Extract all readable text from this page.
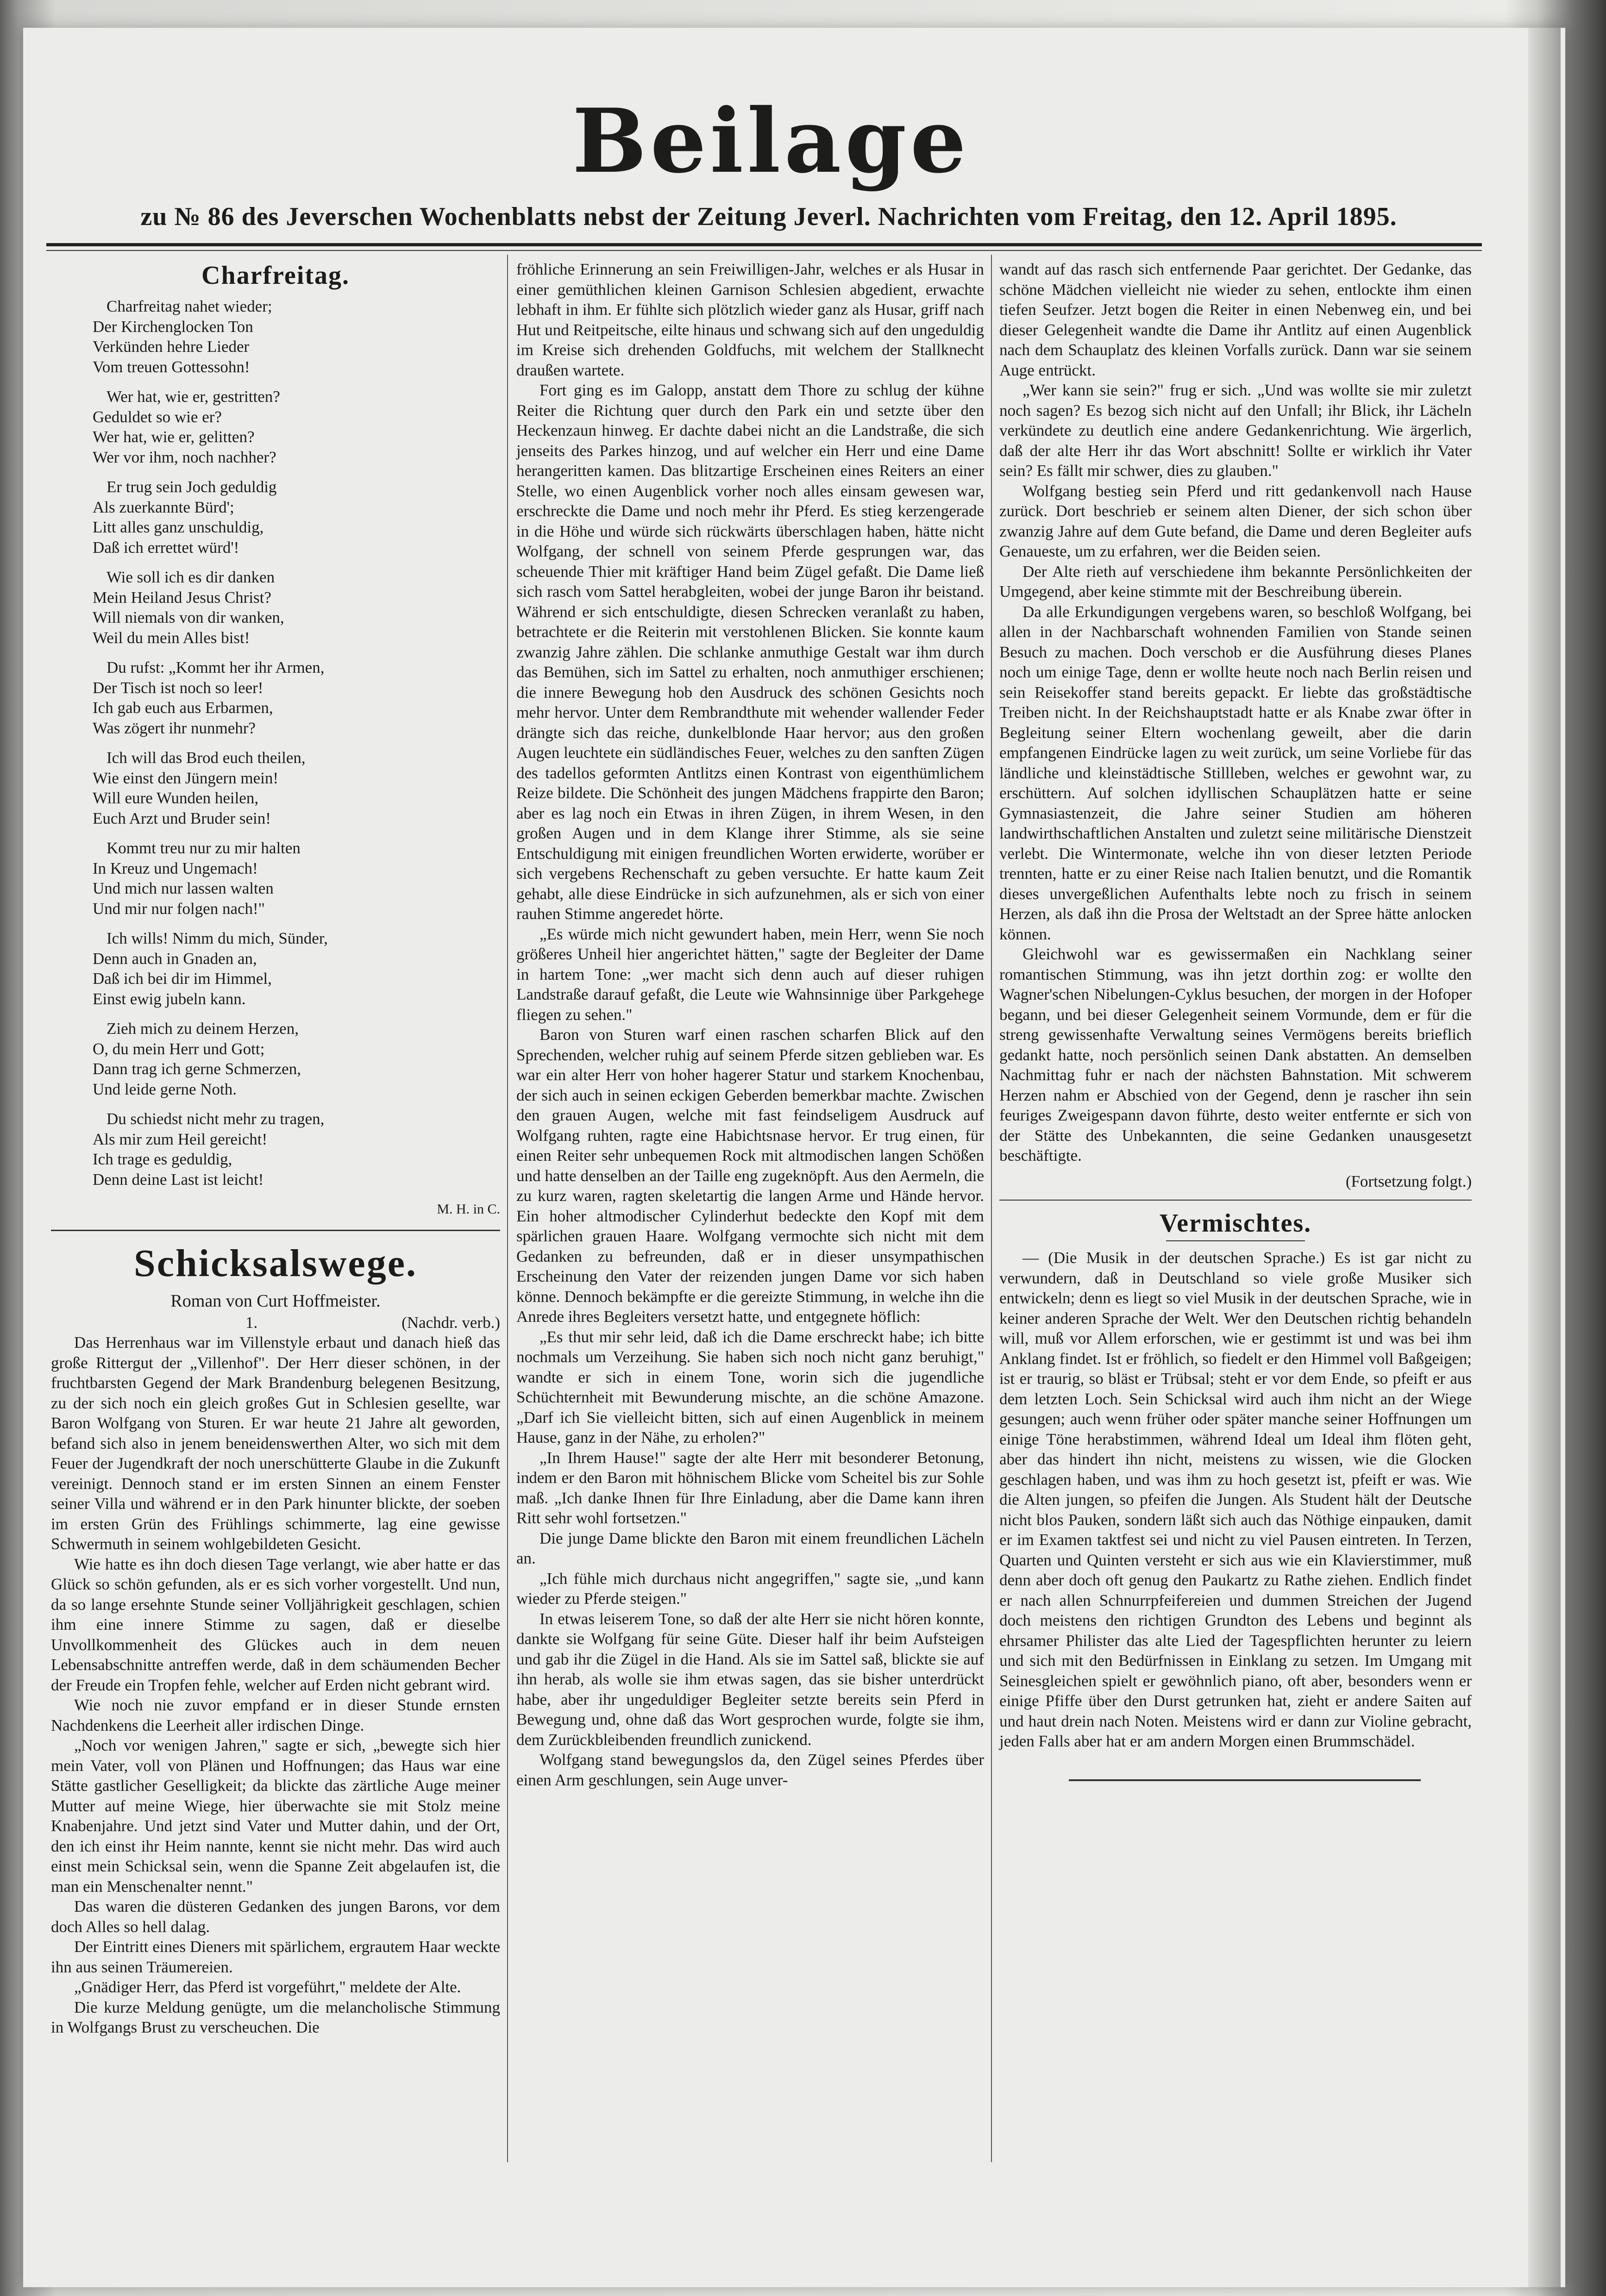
Beilage
zu № 86 des Jeverschen Wochenblatts nebst der Zeitung Jeverl. Nachrichten vom Freitag, den 12. April 1895.
Charfreitag.
Charfreitag nahet wieder;
Der Kirchenglocken Ton
Verkünden hehre Lieder
Vom treuen Gottessohn!
Wer hat, wie er, gestritten?
Geduldet so wie er?
Wer hat, wie er, gelitten?
Wer vor ihm, noch nachher?
Er trug sein Joch geduldig
Als zuerkannte Bürd';
Litt alles ganz unschuldig,
Daß ich errettet würd'!
Wie soll ich es dir danken
Mein Heiland Jesus Christ?
Will niemals von dir wanken,
Weil du mein Alles bist!
Du rufst: „Kommt her ihr Armen,
Der Tisch ist noch so leer!
Ich gab euch aus Erbarmen,
Was zögert ihr nunmehr?
Ich will das Brod euch theilen,
Wie einst den Jüngern mein!
Will eure Wunden heilen,
Euch Arzt und Bruder sein!
Kommt treu nur zu mir halten
In Kreuz und Ungemach!
Und mich nur lassen walten
Und mir nur folgen nach!"
Ich wills! Nimm du mich, Sünder,
Denn auch in Gnaden an,
Daß ich bei dir im Himmel,
Einst ewig jubeln kann.
Zieh mich zu deinem Herzen,
O, du mein Herr und Gott;
Dann trag ich gerne Schmerzen,
Und leide gerne Noth.
Du schiedst nicht mehr zu tragen,
Als mir zum Heil gereicht!
Ich trage es geduldig,
Denn deine Last ist leicht!
M. H. in C.
Schicksalswege.
Roman von Curt Hoffmeister.
1.	(Nachdr. verb.)

Das Herrenhaus war im Villenstyle erbaut und danach hieß das große Rittergut der „Villenhof". Der Herr dieser schönen, in der fruchtbarsten Gegend der Mark Brandenburg belegenen Besitzung, zu der sich noch ein gleich großes Gut in Schlesien gesellte, war Baron Wolfgang von Sturen. Er war heute 21 Jahre alt geworden, befand sich also in jenem beneidenswerthen Alter, wo sich mit dem Feuer der Jugendkraft der noch unerschütterte Glaube in die Zukunft vereinigt. Dennoch stand er im ersten Sinnen an einem Fenster seiner Villa und während er in den Park hinunter blickte, der soeben im ersten Grün des Frühlings schimmerte, lag eine gewisse Schwermuth in seinem wohlgebildeten Gesicht.

Wie hatte es ihn doch diesen Tage verlangt, wie aber hatte er das Glück so schön gefunden, als er es sich vorher vorgestellt. Und nun, da so lange ersehnte Stunde seiner Volljährigkeit geschlagen, schien ihm eine innere Stimme zu sagen, daß er dieselbe Unvollkommenheit des Glückes auch in dem neuen Lebensabschnitte antreffen werde, daß in dem schäumenden Becher der Freude ein Tropfen fehle, welcher auf Erden nicht gebrant wird.

Wie noch nie zuvor empfand er in dieser Stunde ernsten Nachdenkens die Leerheit aller irdischen Dinge.

„Noch vor wenigen Jahren," sagte er sich, „bewegte sich hier mein Vater, voll von Plänen und Hoffnungen; das Haus war eine Stätte gastlicher Geselligkeit; da blickte das zärtliche Auge meiner Mutter auf meine Wiege, hier überwachte sie mit Stolz meine Knabenjahre. Und jetzt sind Vater und Mutter dahin, und der Ort, den ich einst ihr Heim nannte, kennt sie nicht mehr. Das wird auch einst mein Schicksal sein, wenn die Spanne Zeit abgelaufen ist, die man ein Menschenalter nennt."

Das waren die düsteren Gedanken des jungen Barons, vor dem doch Alles so hell dalag.

Der Eintritt eines Dieners mit spärlichem, ergrautem Haar weckte ihn aus seinen Träumereien.

„Gnädiger Herr, das Pferd ist vorgeführt," meldete der Alte.

Die kurze Meldung genügte, um die melancholische Stimmung in Wolfgangs Brust zu verscheuchen. Die

fröhliche Erinnerung an sein Freiwilligen-Jahr, welches er als Husar in einer gemüthlichen kleinen Garnison Schlesien abgedient, erwachte lebhaft in ihm. Er fühlte sich plötzlich wieder ganz als Husar, griff nach Hut und Reitpeitsche, eilte hinaus und schwang sich auf den ungeduldig im Kreise sich drehenden Goldfuchs, mit welchem der Stallknecht draußen wartete.

Fort ging es im Galopp, anstatt dem Thore zu schlug der kühne Reiter die Richtung quer durch den Park ein und setzte über den Heckenzaun hinweg. Er dachte dabei nicht an die Landstraße, die sich jenseits des Parkes hinzog, und auf welcher ein Herr und eine Dame herangeritten kamen. Das blitzartige Erscheinen eines Reiters an einer Stelle, wo einen Augenblick vorher noch alles einsam gewesen war, erschreckte die Dame und noch mehr ihr Pferd. Es stieg kerzengerade in die Höhe und würde sich rückwärts überschlagen haben, hätte nicht Wolfgang, der schnell von seinem Pferde gesprungen war, das scheuende Thier mit kräftiger Hand beim Zügel gefaßt. Die Dame ließ sich rasch vom Sattel herabgleiten, wobei der junge Baron ihr beistand. Während er sich entschuldigte, diesen Schrecken veranlaßt zu haben, betrachtete er die Reiterin mit verstohlenen Blicken. Sie konnte kaum zwanzig Jahre zählen. Die schlanke anmuthige Gestalt war ihm durch das Bemühen, sich im Sattel zu erhalten, noch anmuthiger erschienen; die innere Bewegung hob den Ausdruck des schönen Gesichts noch mehr hervor. Unter dem Rembrandthute mit wehender wallender Feder drängte sich das reiche, dunkelblonde Haar hervor; aus den großen Augen leuchtete ein südländisches Feuer, welches zu den sanften Zügen des tadellos geformten Antlitzs einen Kontrast von eigenthümlichem Reize bildete. Die Schönheit des jungen Mädchens frappirte den Baron; aber es lag noch ein Etwas in ihren Zügen, in ihrem Wesen, in den großen Augen und in dem Klange ihrer Stimme, als sie seine Entschuldigung mit einigen freundlichen Worten erwiderte, worüber er sich vergebens Rechenschaft zu geben versuchte. Er hatte kaum Zeit gehabt, alle diese Eindrücke in sich aufzunehmen, als er sich von einer rauhen Stimme angeredet hörte.

„Es würde mich nicht gewundert haben, mein Herr, wenn Sie noch größeres Unheil hier angerichtet hätten," sagte der Begleiter der Dame in hartem Tone: „wer macht sich denn auch auf dieser ruhigen Landstraße darauf gefaßt, die Leute wie Wahnsinnige über Parkgehege fliegen zu sehen."

Baron von Sturen warf einen raschen scharfen Blick auf den Sprechenden, welcher ruhig auf seinem Pferde sitzen geblieben war. Es war ein alter Herr von hoher hagerer Statur und starkem Knochenbau, der sich auch in seinen eckigen Geberden bemerkbar machte. Zwischen den grauen Augen, welche mit fast feindseligem Ausdruck auf Wolfgang ruhten, ragte eine Habichtsnase hervor. Er trug einen, für einen Reiter sehr unbequemen Rock mit altmodischen langen Schößen und hatte denselben an der Taille eng zugeknöpft. Aus den Aermeln, die zu kurz waren, ragten skeletartig die langen Arme und Hände hervor. Ein hoher altmodischer Cylinderhut bedeckte den Kopf mit dem spärlichen grauen Haare. Wolfgang vermochte sich nicht mit dem Gedanken zu befreunden, daß er in dieser unsympathischen Erscheinung den Vater der reizenden jungen Dame vor sich haben könne. Dennoch bekämpfte er die gereizte Stimmung, in welche ihn die Anrede ihres Begleiters versetzt hatte, und entgegnete höflich:

„Es thut mir sehr leid, daß ich die Dame erschreckt habe; ich bitte nochmals um Verzeihung. Sie haben sich noch nicht ganz beruhigt," wandte er sich in einem Tone, worin sich die jugendliche Schüchternheit mit Bewunderung mischte, an die schöne Amazone. „Darf ich Sie vielleicht bitten, sich auf einen Augenblick in meinem Hause, ganz in der Nähe, zu erholen?"

„In Ihrem Hause!" sagte der alte Herr mit besonderer Betonung, indem er den Baron mit höhnischem Blicke vom Scheitel bis zur Sohle maß. „Ich danke Ihnen für Ihre Einladung, aber die Dame kann ihren Ritt sehr wohl fortsetzen."

Die junge Dame blickte den Baron mit einem freundlichen Lächeln an.

„Ich fühle mich durchaus nicht angegriffen," sagte sie, „und kann wieder zu Pferde steigen."

In etwas leiserem Tone, so daß der alte Herr sie nicht hören konnte, dankte sie Wolfgang für seine Güte. Dieser half ihr beim Aufsteigen und gab ihr die Zügel in die Hand. Als sie im Sattel saß, blickte sie auf ihn herab, als wolle sie ihm etwas sagen, das sie bisher unterdrückt habe, aber ihr ungeduldiger Begleiter setzte bereits sein Pferd in Bewegung und, ohne daß das Wort gesprochen wurde, folgte sie ihm, dem Zurückbleibenden freundlich zunickend.

Wolfgang stand bewegungslos da, den Zügel seines Pferdes über einen Arm geschlungen, sein Auge unver-

wandt auf das rasch sich entfernende Paar gerichtet. Der Gedanke, das schöne Mädchen vielleicht nie wieder zu sehen, entlockte ihm einen tiefen Seufzer. Jetzt bogen die Reiter in einen Nebenweg ein, und bei dieser Gelegenheit wandte die Dame ihr Antlitz auf einen Augenblick nach dem Schauplatz des kleinen Vorfalls zurück. Dann war sie seinem Auge entrückt.

„Wer kann sie sein?" frug er sich. „Und was wollte sie mir zuletzt noch sagen? Es bezog sich nicht auf den Unfall; ihr Blick, ihr Lächeln verkündete zu deutlich eine andere Gedankenrichtung. Wie ärgerlich, daß der alte Herr ihr das Wort abschnitt! Sollte er wirklich ihr Vater sein? Es fällt mir schwer, dies zu glauben."

Wolfgang bestieg sein Pferd und ritt gedankenvoll nach Hause zurück. Dort beschrieb er seinem alten Diener, der sich schon über zwanzig Jahre auf dem Gute befand, die Dame und deren Begleiter aufs Genaueste, um zu erfahren, wer die Beiden seien.

Der Alte rieth auf verschiedene ihm bekannte Persönlichkeiten der Umgegend, aber keine stimmte mit der Beschreibung überein.

Da alle Erkundigungen vergebens waren, so beschloß Wolfgang, bei allen in der Nachbarschaft wohnenden Familien von Stande seinen Besuch zu machen. Doch verschob er die Ausführung dieses Planes noch um einige Tage, denn er wollte heute noch nach Berlin reisen und sein Reisekoffer stand bereits gepackt. Er liebte das großstädtische Treiben nicht. In der Reichshauptstadt hatte er als Knabe zwar öfter in Begleitung seiner Eltern wochenlang geweilt, aber die darin empfangenen Eindrücke lagen zu weit zurück, um seine Vorliebe für das ländliche und kleinstädtische Stillleben, welches er gewohnt war, zu erschüttern. Auf solchen idyllischen Schauplätzen hatte er seine Gymnasiastenzeit, die Jahre seiner Studien am höheren landwirthschaftlichen Anstalten und zuletzt seine militärische Dienstzeit verlebt. Die Wintermonate, welche ihn von dieser letzten Periode trennten, hatte er zu einer Reise nach Italien benutzt, und die Romantik dieses unvergeßlichen Aufenthalts lebte noch zu frisch in seinem Herzen, als daß ihn die Prosa der Weltstadt an der Spree hätte anlocken können.

Gleichwohl war es gewissermaßen ein Nachklang seiner romantischen Stimmung, was ihn jetzt dorthin zog: er wollte den Wagner'schen Nibelungen-Cyklus besuchen, der morgen in der Hofoper begann, und bei dieser Gelegenheit seinem Vormunde, dem er für die streng gewissenhafte Verwaltung seines Vermögens bereits brieflich gedankt hatte, noch persönlich seinen Dank abstatten. An demselben Nachmittag fuhr er nach der nächsten Bahnstation. Mit schwerem Herzen nahm er Abschied von der Gegend, denn je rascher ihn sein feuriges Zweigespann davon führte, desto weiter entfernte er sich von der Stätte des Unbekannten, die seine Gedanken unausgesetzt beschäftigte.

(Fortsetzung folgt.)
Vermischtes.

— (Die Musik in der deutschen Sprache.) Es ist gar nicht zu verwundern, daß in Deutschland so viele große Musiker sich entwickeln; denn es liegt so viel Musik in der deutschen Sprache, wie in keiner anderen Sprache der Welt. Wer den Deutschen richtig behandeln will, muß vor Allem erforschen, wie er gestimmt ist und was bei ihm Anklang findet. Ist er fröhlich, so fiedelt er den Himmel voll Baßgeigen; ist er traurig, so bläst er Trübsal; steht er vor dem Ende, so pfeift er aus dem letzten Loch. Sein Schicksal wird auch ihm nicht an der Wiege gesungen; auch wenn früher oder später manche seiner Hoffnungen um einige Töne herabstimmen, während Ideal um Ideal ihm flöten geht, aber das hindert ihn nicht, meistens zu wissen, wie die Glocken geschlagen haben, und was ihm zu hoch gesetzt ist, pfeift er was. Wie die Alten jungen, so pfeifen die Jungen. Als Student hält der Deutsche nicht blos Pauken, sondern läßt sich auch das Nöthige einpauken, damit er im Examen taktfest sei und nicht zu viel Pausen eintreten. In Terzen, Quarten und Quinten versteht er sich aus wie ein Klavierstimmer, muß denn aber doch oft genug den Paukartz zu Rathe ziehen. Endlich findet er nach allen Schnurrpfeifereien und dummen Streichen der Jugend doch meistens den richtigen Grundton des Lebens und beginnt als ehrsamer Philister das alte Lied der Tagespflichten herunter zu leiern und sich mit den Bedürfnissen in Einklang zu setzen. Im Umgang mit Seinesgleichen spielt er gewöhnlich piano, oft aber, besonders wenn er einige Pfiffe über den Durst getrunken hat, zieht er andere Saiten auf und haut drein nach Noten. Meistens wird er dann zur Violine gebracht, jeden Falls aber hat er am andern Morgen einen Brummschädel.
